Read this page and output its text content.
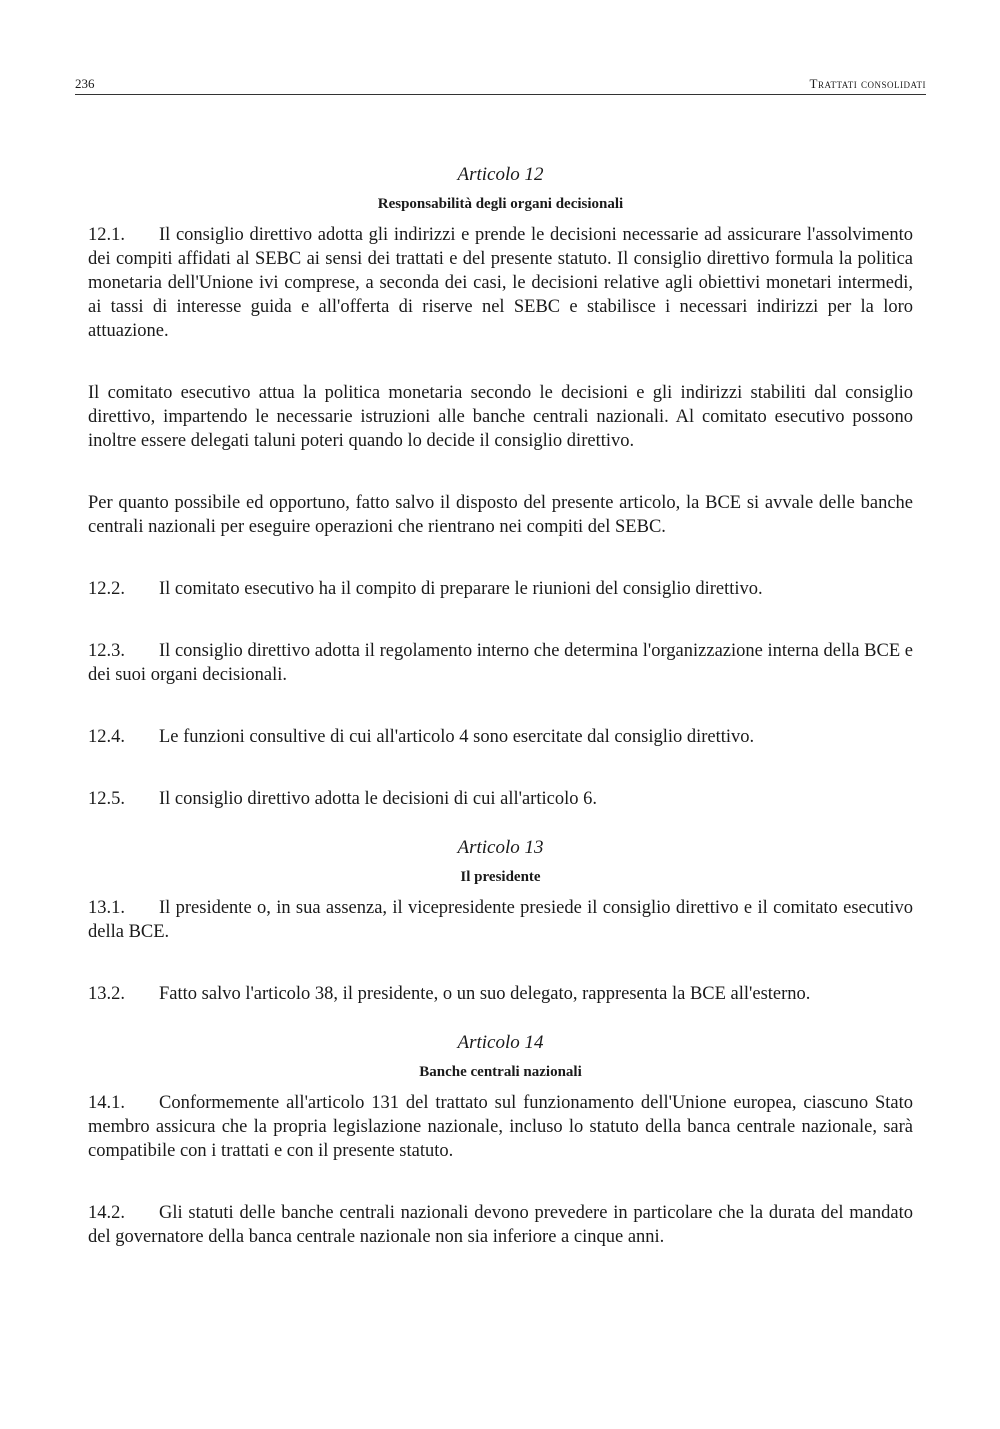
236	Trattati consolidati
Articolo 12
Responsabilità degli organi decisionali

12.1. Il consiglio direttivo adotta gli indirizzi e prende le decisioni necessarie ad assicurare l'assolvimento dei compiti affidati al SEBC ai sensi dei trattati e del presente statuto. Il consiglio direttivo formula la politica monetaria dell'Unione ivi comprese, a seconda dei casi, le decisioni relative agli obiettivi monetari intermedi, ai tassi di interesse guida e all'offerta di riserve nel SEBC e stabilisce i necessari indirizzi per la loro attuazione.

Il comitato esecutivo attua la politica monetaria secondo le decisioni e gli indirizzi stabiliti dal consiglio direttivo, impartendo le necessarie istruzioni alle banche centrali nazionali. Al comitato esecutivo possono inoltre essere delegati taluni poteri quando lo decide il consiglio direttivo.

Per quanto possibile ed opportuno, fatto salvo il disposto del presente articolo, la BCE si avvale delle banche centrali nazionali per eseguire operazioni che rientrano nei compiti del SEBC.

12.2. Il comitato esecutivo ha il compito di preparare le riunioni del consiglio direttivo.

12.3. Il consiglio direttivo adotta il regolamento interno che determina l'organizzazione interna della BCE e dei suoi organi decisionali.

12.4. Le funzioni consultive di cui all'articolo 4 sono esercitate dal consiglio direttivo.

12.5. Il consiglio direttivo adotta le decisioni di cui all'articolo 6.

Articolo 13
Il presidente

13.1. Il presidente o, in sua assenza, il vicepresidente presiede il consiglio direttivo e il comitato esecutivo della BCE.

13.2. Fatto salvo l'articolo 38, il presidente, o un suo delegato, rappresenta la BCE all'esterno.

Articolo 14
Banche centrali nazionali

14.1. Conformemente all'articolo 131 del trattato sul funzionamento dell'Unione europea, ciascuno Stato membro assicura che la propria legislazione nazionale, incluso lo statuto della banca centrale nazionale, sarà compatibile con i trattati e con il presente statuto.

14.2. Gli statuti delle banche centrali nazionali devono prevedere in particolare che la durata del mandato del governatore della banca centrale nazionale non sia inferiore a cinque anni.
